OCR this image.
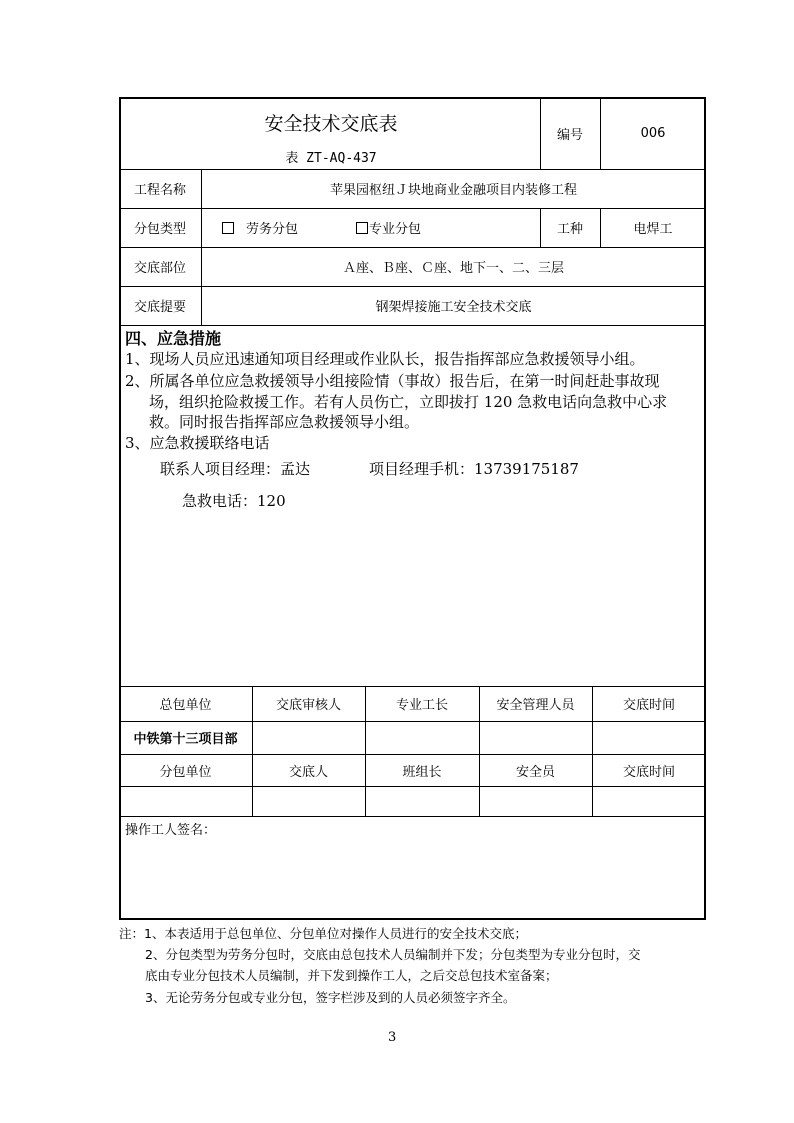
安全技术交底表
表 ZT-AQ-437
编号	006
工程名称	苹果园枢纽Ｊ块地商业金融项目内装修工程
分包类型	劳务分包	专业分包	工种	电焊工
交底部位	Ａ座、Ｂ座、Ｃ座、地下一、二、三层
交底提要	钢架焊接施工安全技术交底
四、应急措施
1、现场人员应迅速通知项目经理或作业队长，报告指挥部应急救援领导小组。
2、所属各单位应急救援领导小组接险情（事故）报告后，在第一时间赶赴事故现
场，组织抢险救援工作。若有人员伤亡，立即拔打 120 急救电话向急救中心求
救。同时报告指挥部应急救援领导小组。
3、应急救援联络电话
联系人项目经理：孟达	项目经理手机：13739175187
急救电话：120
总包单位	交底审核人	专业工长	安全管理人员	交底时间
中铁第十三项目部
分包单位	交底人	班组长	安全员	交底时间
操作工人签名：
注：1、本表适用于总包单位、分包单位对操作人员进行的安全技术交底；
2、分包类型为劳务分包时，交底由总包技术人员编制并下发；分包类型为专业分包时，交
底由专业分包技术人员编制，并下发到操作工人，之后交总包技术室备案；
3、无论劳务分包或专业分包，签字栏涉及到的人员必须签字齐全。
3
